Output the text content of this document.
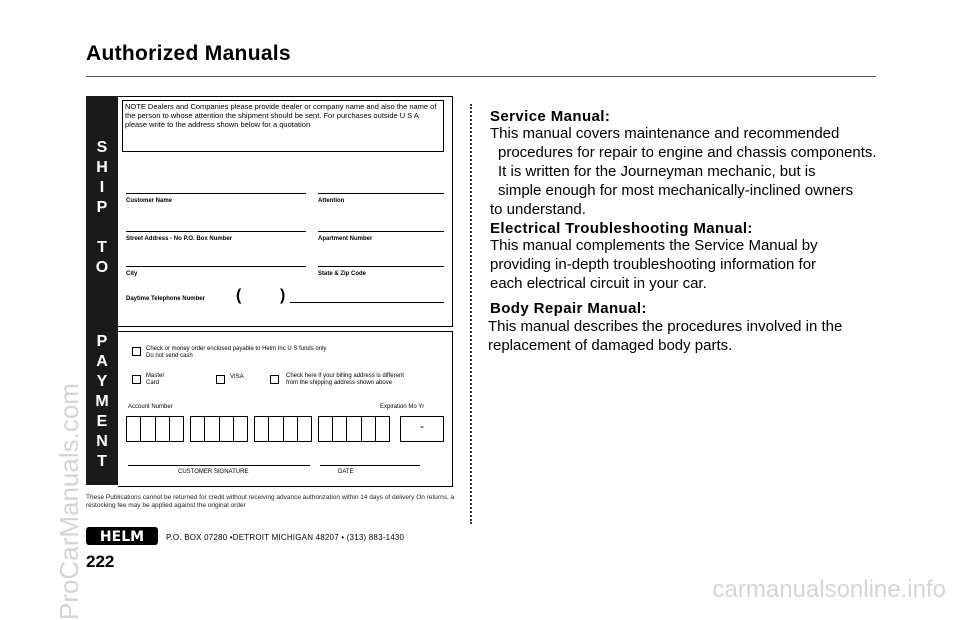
Authorized Manuals
S
H
I
P
T
O
P
A
Y
M
E
N
T
NOTE Dealers and Companies please provide dealer or company name and also the name of the person to whose attention the shipment should be sent. For purchases outside U S A please write to the address shown below for a quotation
Customer Name	Attention
Street Address - No P.O. Box Number	Apartment Number
City	State & Zip Code
Daytime Telephone Number ( )
Check or money order enclosed payable to Helm Inc U S funds only
Do not send cash
Master
Card
VISA	Check here if your billing address is different
from the shipping address shown above
Account Number	Expiration Mo Yr
-
CUSTOMER SIGNATURE	DATE
These Publications cannot be returned for credit without receiving advance authorization within 14 days of delivery On returns, a restocking fee may be applied against the original order
HELM	P.O. BOX 07280 •DETROIT MICHIGAN 48207 • (313) 883-1430
222
Service Manual:
This manual covers maintenance and recommended
procedures for repair to engine and chassis components.
It is written for the Journeyman mechanic, but is
simple enough for most mechanically-inclined owners
to understand.
Electrical Troubleshooting Manual:
This manual complements the Service Manual by
providing in-depth troubleshooting information for
each electrical circuit in your car.
Body Repair Manual:
This manual describes the procedures involved in the
replacement of damaged body parts.
ProCarManuals.com	carmanualsonline.info
